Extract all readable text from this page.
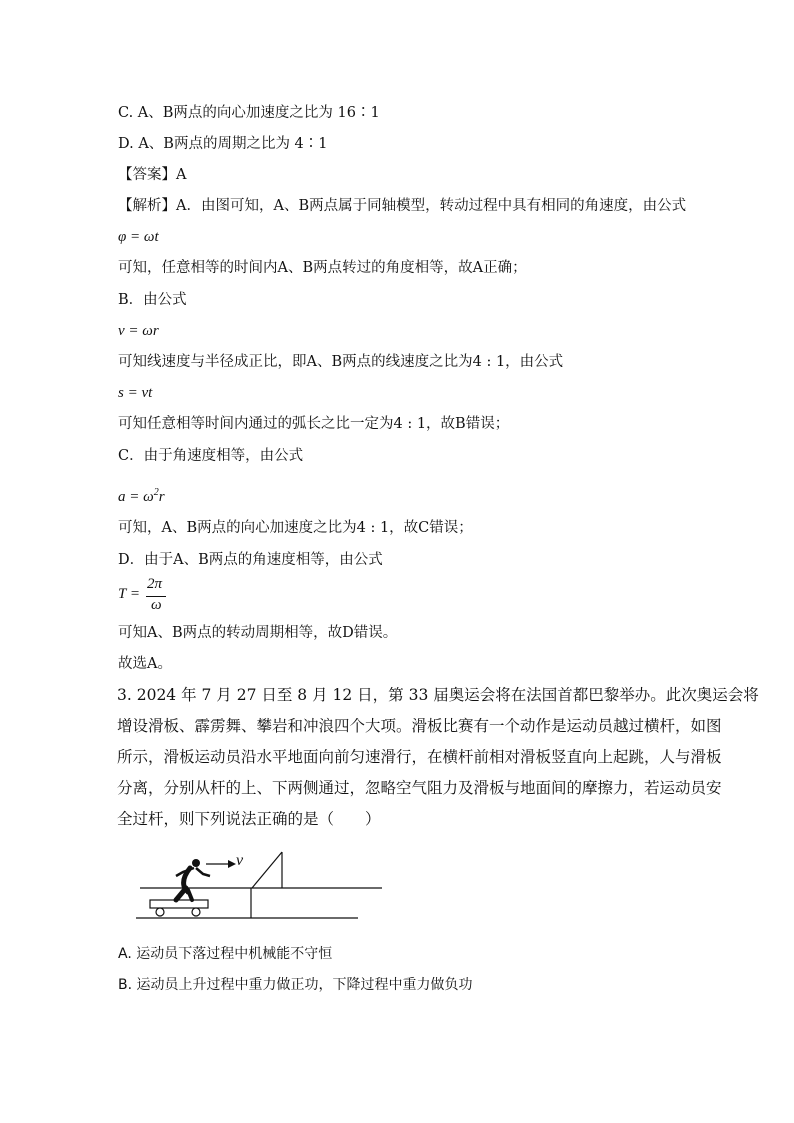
C. A、B两点的向心加速度之比为 16∶1
D. A、B两点的周期之比为 4∶1
【答案】A
【解析】A．由图可知，A、B两点属于同轴模型，转动过程中具有相同的角速度，由公式
φ = ωt
可知，任意相等的时间内A、B两点转过的角度相等，故A正确；
B．由公式
v = ωr
可知线速度与半径成正比，即A、B两点的线速度之比为4 : 1，由公式
s = vt
可知任意相等时间内通过的弧长之比一定为4 : 1，故B错误；
C．由于角速度相等，由公式
$a = \omega^2r$
可知，A、B两点的向心加速度之比为4 : 1，故C错误；
D．由于A、B两点的角速度相等，由公式
T =
2π
ω
可知A、B两点的转动周期相等，故D错误。
故选A。
3. 2024 年 7 月 27 日至 8 月 12 日，第 33 届奥运会将在法国首都巴黎举办。此次奥运会将
增设滑板、霹雳舞、攀岩和冲浪四个大项。滑板比赛有一个动作是运动员越过横杆，如图
所示，滑板运动员沿水平地面向前匀速滑行，在横杆前相对滑板竖直向上起跳，人与滑板
分离，分别从杆的上、下两侧通过，忽略空气阻力及滑板与地面间的摩擦力，若运动员安
全过杆，则下列说法正确的是（　　）
v
A. 运动员下落过程中机械能不守恒
B. 运动员上升过程中重力做正功，下降过程中重力做负功
